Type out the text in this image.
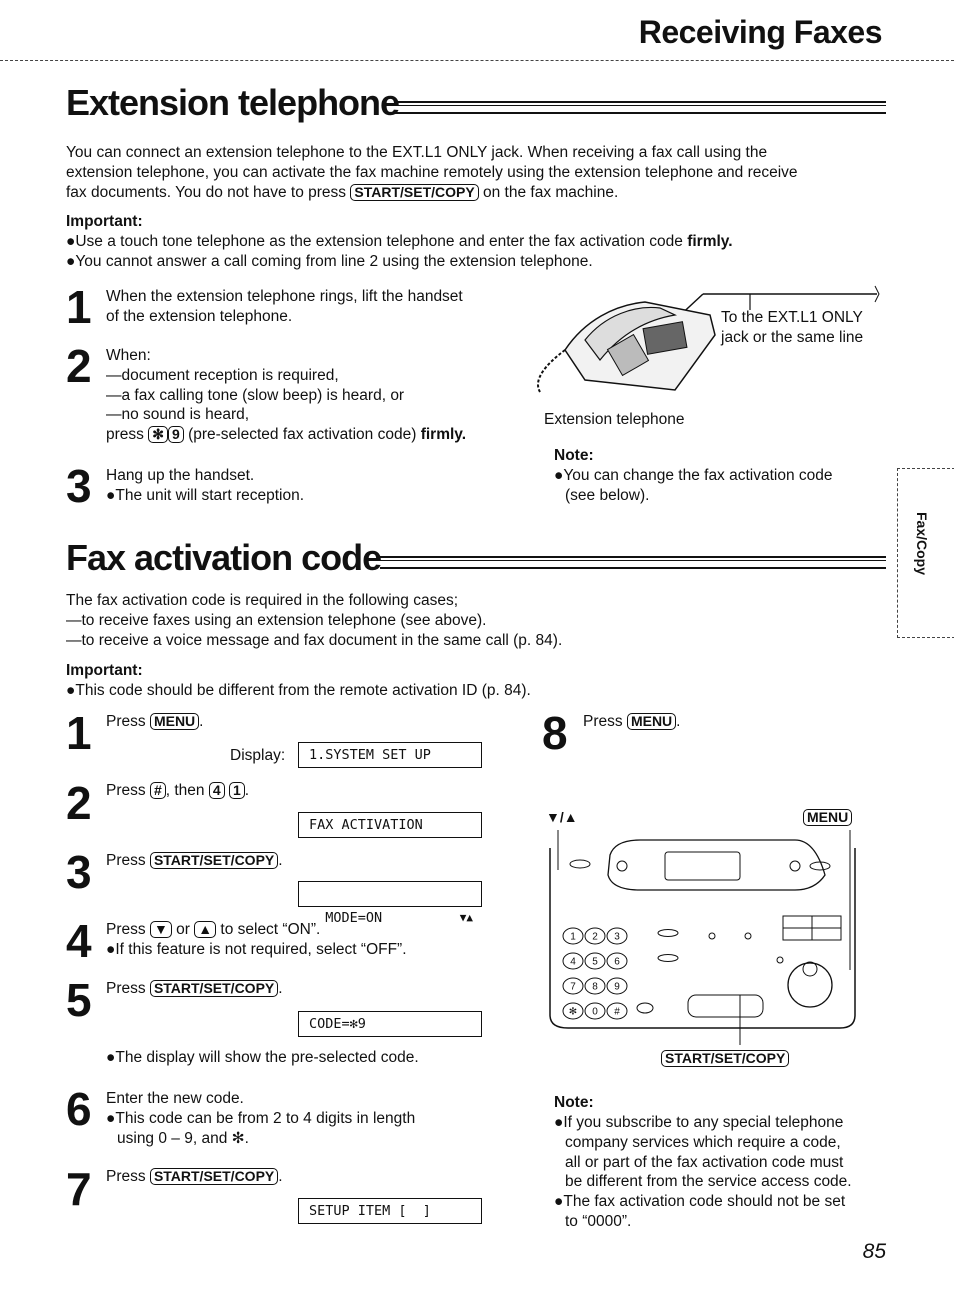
Receiving Faxes
Fax/Copy
Extension telephone
You can connect an extension telephone to the EXT.L1 ONLY jack. When receiving a fax call using the
extension telephone, you can activate the fax machine remotely using the extension telephone and receive
fax documents. You do not have to press START/SET/COPY on the fax machine.
Important:
●Use a touch tone telephone as the extension telephone and enter the fax activation code firmly.
●You cannot answer a call coming from line 2 using the extension telephone.
1 When the extension telephone rings, lift the handset
of the extension telephone.
2 When:
—document reception is required,
—a fax calling tone (slow beep) is heard, or
—no sound is heard,
press ✻ 9 (pre-selected fax activation code) firmly.
3 Hang up the handset.
●The unit will start reception.
To the EXT.L1 ONLY
jack or the same line
Extension telephone
Note:
●You can change the fax activation code
(see below).
Fax activation code
The fax activation code is required in the following cases;
—to receive faxes using an extension telephone (see above).
—to receive a voice message and fax document in the same call (p. 84).
Important:
●This code should be different from the remote activation ID (p. 84).
1 Press MENU .
Display:	1.SYSTEM SET UP
2 Press # , then 4 1 .
FAX ACTIVATION
3 Press START/SET/COPY .

MODE=ON	▼▲

4 Press ▼ or ▲ to select “ON”.
●If this feature is not required, select “OFF”.
5 Press START/SET/COPY .
CODE=✻9
●The display will show the pre-selected code.
6 Enter the new code.
●This code can be from 2 to 4 digits in length
using 0 – 9, and ✻.
7 Press START/SET/COPY .
SETUP ITEM [  ]
8 Press MENU .
▼/▲	MENU
1 2 3
4 5 6
7 8 9
✻ 0 #
START/SET/COPY
Note:
●If you subscribe to any special telephone
company services which require a code,
all or part of the fax activation code must
be different from the service access code.
●The fax activation code should not be set
to “0000”.
85
